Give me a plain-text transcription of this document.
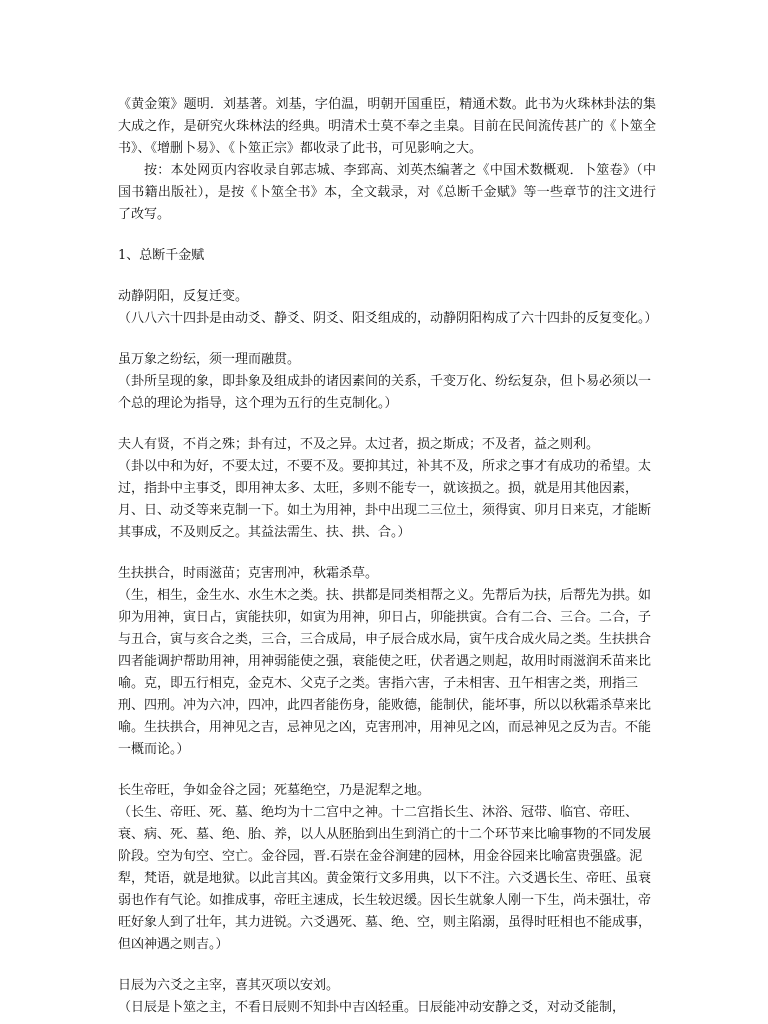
《黄金策》题明．刘基著。刘基，字伯温，明朝开国重臣，精通术数。此书为火珠林卦法的集大成之作，是研究火珠林法的经典。明清术士莫不奉之圭臬。目前在民间流传甚广的《卜筮全书》、《增删卜易》、《卜筮正宗》都收录了此书，可见影响之大。

按：本处网页内容收录自郭志城、李郅高、刘英杰编著之《中国术数概观．卜筮卷》（中国书籍出版社），是按《卜筮全书》本，全文载录，对《总断千金赋》等一些章节的注文进行了改写。

1、总断千金赋

动静阴阳，反复迁变。
（八八六十四卦是由动爻、静爻、阴爻、阳爻组成的，动静阴阳构成了六十四卦的反复变化。）
虽万象之纷纭，须一理而融贯。
（卦所呈现的象，即卦象及组成卦的诸因素间的关系，千变万化、纷纭复杂，但卜易必须以一个总的理论为指导，这个理为五行的生克制化。）
夫人有贤，不肖之殊；卦有过，不及之异。太过者，损之斯成；不及者，益之则利。
（卦以中和为好，不要太过，不要不及。要抑其过，补其不及，所求之事才有成功的希望。太过，指卦中主事爻，即用神太多、太旺，多则不能专一，就该损之。损，就是用其他因素，月、日、动爻等来克制一下。如土为用神，卦中出现二三位土，须得寅、卯月日来克，才能断其事成，不及则反之。其益法需生、扶、拱、合。）
生扶拱合，时雨滋苗；克害刑冲，秋霜杀草。
（生，相生，金生水、水生木之类。扶、拱都是同类相帮之义。先帮后为扶，后帮先为拱。如卯为用神，寅日占，寅能扶卯，如寅为用神，卯日占，卯能拱寅。合有二合、三合。二合，子与丑合，寅与亥合之类，三合，三合成局，申子辰合成水局，寅午戌合成火局之类。生扶拱合四者能调护帮助用神，用神弱能使之强，衰能使之旺，伏者遇之则起，故用时雨滋润禾苗来比喻。克，即五行相克，金克木、父克子之类。害指六害，子未相害、丑午相害之类，刑指三刑、四刑。冲为六冲，四冲，此四者能伤身，能败德，能制伏，能坏事，所以以秋霜杀草来比喻。生扶拱合，用神见之吉，忌神见之凶，克害刑冲，用神见之凶，而忌神见之反为吉。不能一概而论。）
长生帝旺，争如金谷之园；死墓绝空，乃是泥犁之地。
（长生、帝旺、死、墓、绝均为十二宫中之神。十二宫指长生、沐浴、冠带、临官、帝旺、衰、病、死、墓、绝、胎、养，以人从胚胎到出生到消亡的十二个环节来比喻事物的不同发展阶段。空为旬空、空亡。金谷园，晋.石崇在金谷涧建的园林，用金谷园来比喻富贵强盛。泥犁，梵语，就是地狱。以此言其凶。黄金策行文多用典，以下不注。六爻遇长生、帝旺、虽衰弱也作有气论。如推成事，帝旺主速成，长生较迟缓。因长生就象人刚一下生，尚未强壮，帝旺好象人到了壮年，其力进锐。六爻遇死、墓、绝、空，则主陷溺，虽得时旺相也不能成事，但凶神遇之则吉。）
日辰为六爻之主宰，喜其灭项以安刘。
（日辰是卜筮之主，不看日辰则不知卦中吉凶轻重。日辰能冲动安静之爻，对动爻能制，
